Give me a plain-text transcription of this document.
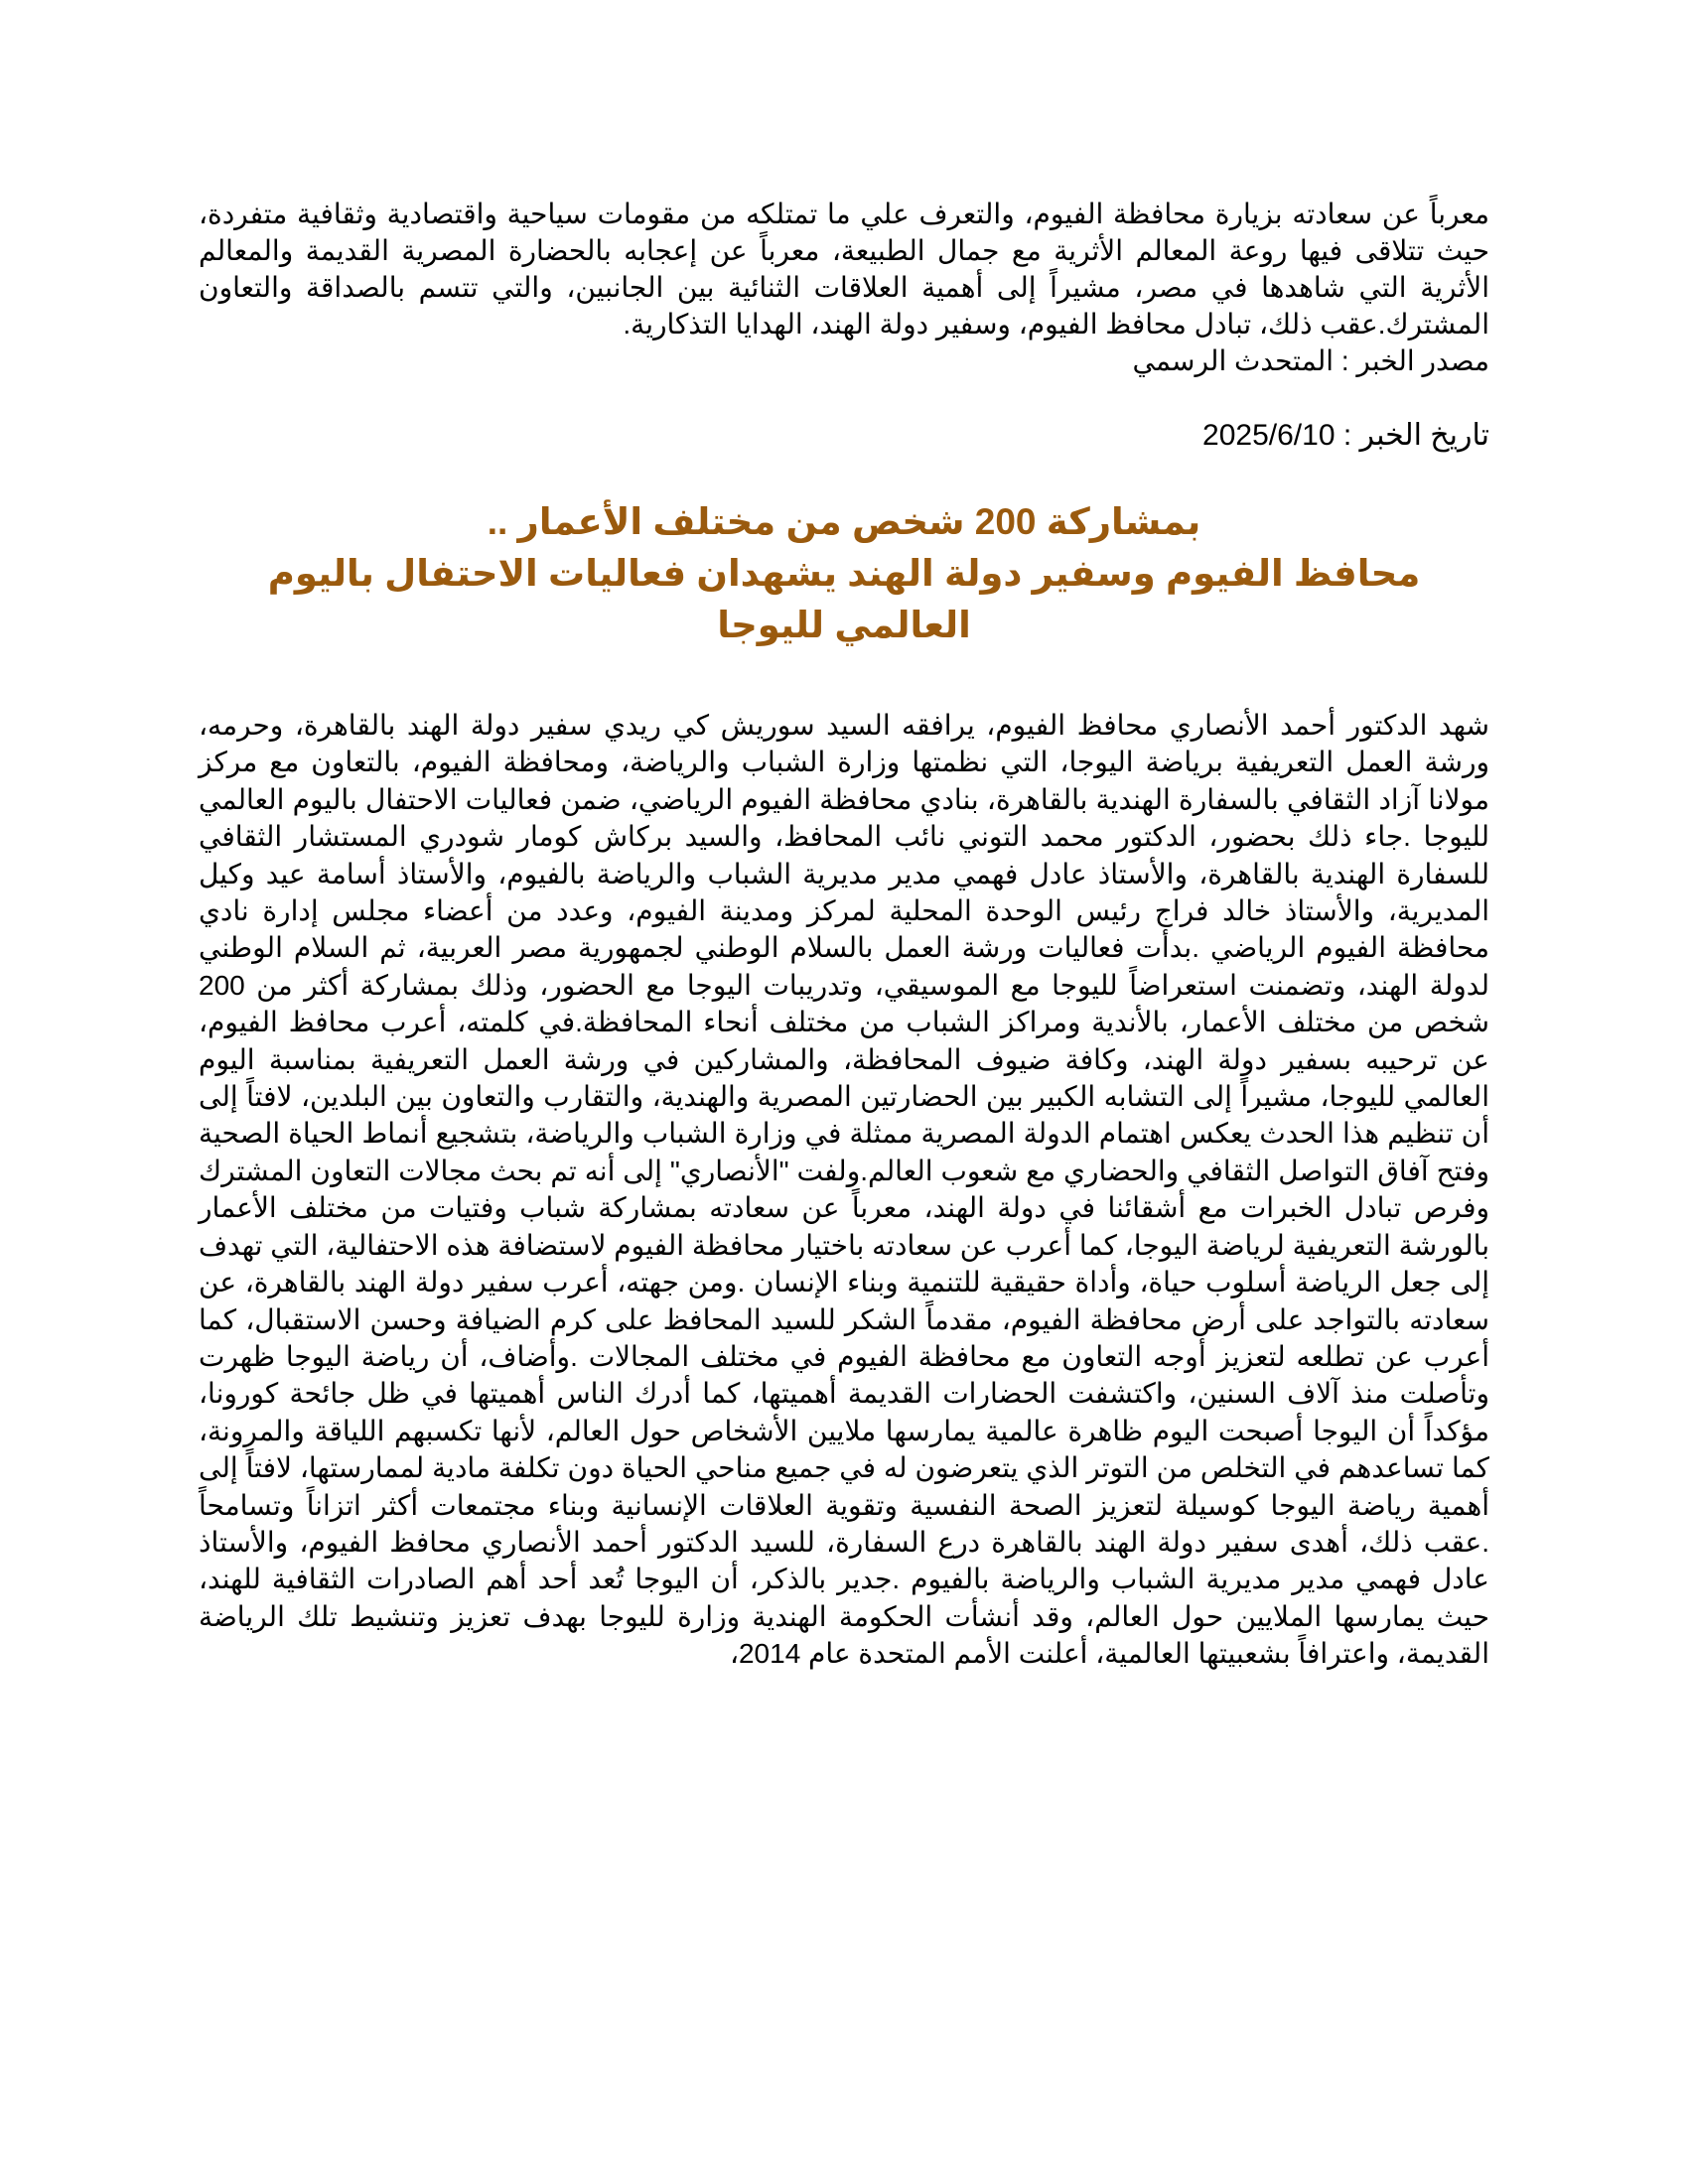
معرباً عن سعادته بزيارة محافظة الفيوم، والتعرف علي ما تمتلكه من مقومات سياحية واقتصادية وثقافية متفردة، حيث تتلاقى فيها روعة المعالم الأثرية مع جمال الطبيعة، معرباً عن إعجابه بالحضارة المصرية القديمة والمعالم الأثرية التي شاهدها في مصر، مشيراً إلى أهمية العلاقات الثنائية بين الجانبين، والتي تتسم بالصداقة والتعاون المشترك.عقب ذلك، تبادل محافظ الفيوم، وسفير دولة الهند، الهدايا التذكارية.

مصدر الخبر : المتحدث الرسمي

تاريخ الخبر : 2025/6/10

بمشاركة 200 شخص من مختلف الأعمار ..
محافظ الفيوم وسفير دولة الهند يشهدان فعاليات الاحتفال باليوم العالمي لليوجا

شهد الدكتور أحمد الأنصاري محافظ الفيوم، يرافقه السيد سوريش كي ريدي سفير دولة الهند بالقاهرة، وحرمه، ورشة العمل التعريفية برياضة اليوجا، التي نظمتها وزارة الشباب والرياضة، ومحافظة الفيوم، بالتعاون مع مركز مولانا آزاد الثقافي بالسفارة الهندية بالقاهرة، بنادي محافظة الفيوم الرياضي، ضمن فعاليات الاحتفال باليوم العالمي لليوجا .جاء ذلك بحضور، الدكتور محمد التوني نائب المحافظ، والسيد بركاش كومار شودري المستشار الثقافي للسفارة الهندية بالقاهرة، والأستاذ عادل فهمي مدير مديرية الشباب والرياضة بالفيوم، والأستاذ أسامة عيد وكيل المديرية، والأستاذ خالد فراج رئيس الوحدة المحلية لمركز ومدينة الفيوم، وعدد من أعضاء مجلس إدارة نادي محافظة الفيوم الرياضي .بدأت فعاليات ورشة العمل بالسلام الوطني لجمهورية مصر العربية، ثم السلام الوطني لدولة الهند، وتضمنت استعراضاً لليوجا مع الموسيقي، وتدريبات اليوجا مع الحضور، وذلك بمشاركة أكثر من 200 شخص من مختلف الأعمار، بالأندية ومراكز الشباب من مختلف أنحاء المحافظة.في كلمته، أعرب محافظ الفيوم، عن ترحيبه بسفير دولة الهند، وكافة ضيوف المحافظة، والمشاركين في ورشة العمل التعريفية بمناسبة اليوم العالمي لليوجا، مشيراً إلى التشابه الكبير بين الحضارتين المصرية والهندية، والتقارب والتعاون بين البلدين، لافتاً إلى أن تنظيم هذا الحدث يعكس اهتمام الدولة المصرية ممثلة في وزارة الشباب والرياضة، بتشجيع أنماط الحياة الصحية وفتح آفاق التواصل الثقافي والحضاري مع شعوب العالم.ولفت "الأنصاري" إلى أنه تم بحث مجالات التعاون المشترك وفرص تبادل الخبرات مع أشقائنا في دولة الهند، معرباً عن سعادته بمشاركة شباب وفتيات من مختلف الأعمار بالورشة التعريفية لرياضة اليوجا، كما أعرب عن سعادته باختيار محافظة الفيوم لاستضافة هذه الاحتفالية، التي تهدف إلى جعل الرياضة أسلوب حياة، وأداة حقيقية للتنمية وبناء الإنسان .ومن جهته، أعرب سفير دولة الهند بالقاهرة، عن سعادته بالتواجد على أرض محافظة الفيوم، مقدماً الشكر للسيد المحافظ على كرم الضيافة وحسن الاستقبال، كما أعرب عن تطلعه لتعزيز أوجه التعاون مع محافظة الفيوم في مختلف المجالات .وأضاف، أن رياضة اليوجا ظهرت وتأصلت منذ آلاف السنين، واكتشفت الحضارات القديمة أهميتها، كما أدرك الناس أهميتها في ظل جائحة كورونا، مؤكداً أن اليوجا أصبحت اليوم ظاهرة عالمية يمارسها ملايين الأشخاص حول العالم، لأنها تكسبهم اللياقة والمرونة، كما تساعدهم في التخلص من التوتر الذي يتعرضون له في جميع مناحي الحياة دون تكلفة مادية لممارستها، لافتاً إلى أهمية رياضة اليوجا كوسيلة لتعزيز الصحة النفسية وتقوية العلاقات الإنسانية وبناء مجتمعات أكثر اتزاناً وتسامحاً .عقب ذلك، أهدى سفير دولة الهند بالقاهرة درع السفارة، للسيد الدكتور أحمد الأنصاري محافظ الفيوم، والأستاذ عادل فهمي مدير مديرية الشباب والرياضة بالفيوم .جدير بالذكر، أن اليوجا تُعد أحد أهم الصادرات الثقافية للهند، حيث يمارسها الملايين حول العالم، وقد أنشأت الحكومة الهندية وزارة لليوجا بهدف تعزيز وتنشيط تلك الرياضة القديمة، واعترافاً بشعبيتها العالمية، أعلنت الأمم المتحدة عام 2014،
